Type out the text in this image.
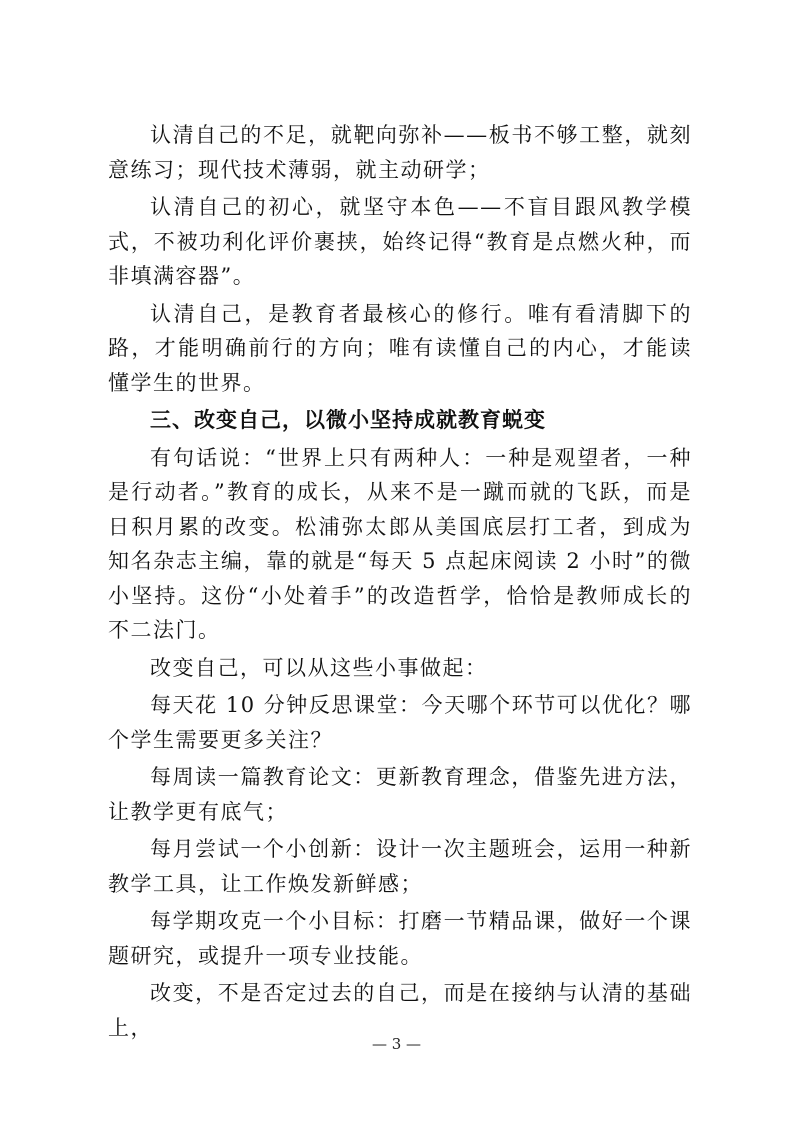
认清自己的不足，就靶向弥补——板书不够工整，就刻意练习；现代技术薄弱，就主动研学；

认清自己的初心，就坚守本色——不盲目跟风教学模式，不被功利化评价裹挟，始终记得“教育是点燃火种，而非填满容器”。

认清自己，是教育者最核心的修行。唯有看清脚下的路，才能明确前行的方向；唯有读懂自己的内心，才能读懂学生的世界。

三、改变自己，以微小坚持成就教育蜕变

有句话说：“世界上只有两种人：一种是观望者，一种是行动者。”教育的成长，从来不是一蹴而就的飞跃，而是日积月累的改变。松浦弥太郎从美国底层打工者，到成为知名杂志主编，靠的就是“每天 5 点起床阅读 2 小时”的微小坚持。这份“小处着手”的改造哲学，恰恰是教师成长的不二法门。

改变自己，可以从这些小事做起：

每天花 10 分钟反思课堂：今天哪个环节可以优化？哪个学生需要更多关注？

每周读一篇教育论文：更新教育理念，借鉴先进方法，让教学更有底气；

每月尝试一个小创新：设计一次主题班会，运用一种新教学工具，让工作焕发新鲜感；

每学期攻克一个小目标：打磨一节精品课，做好一个课题研究，或提升一项专业技能。

改变，不是否定过去的自己，而是在接纳与认清的基础上，

— 3 —
